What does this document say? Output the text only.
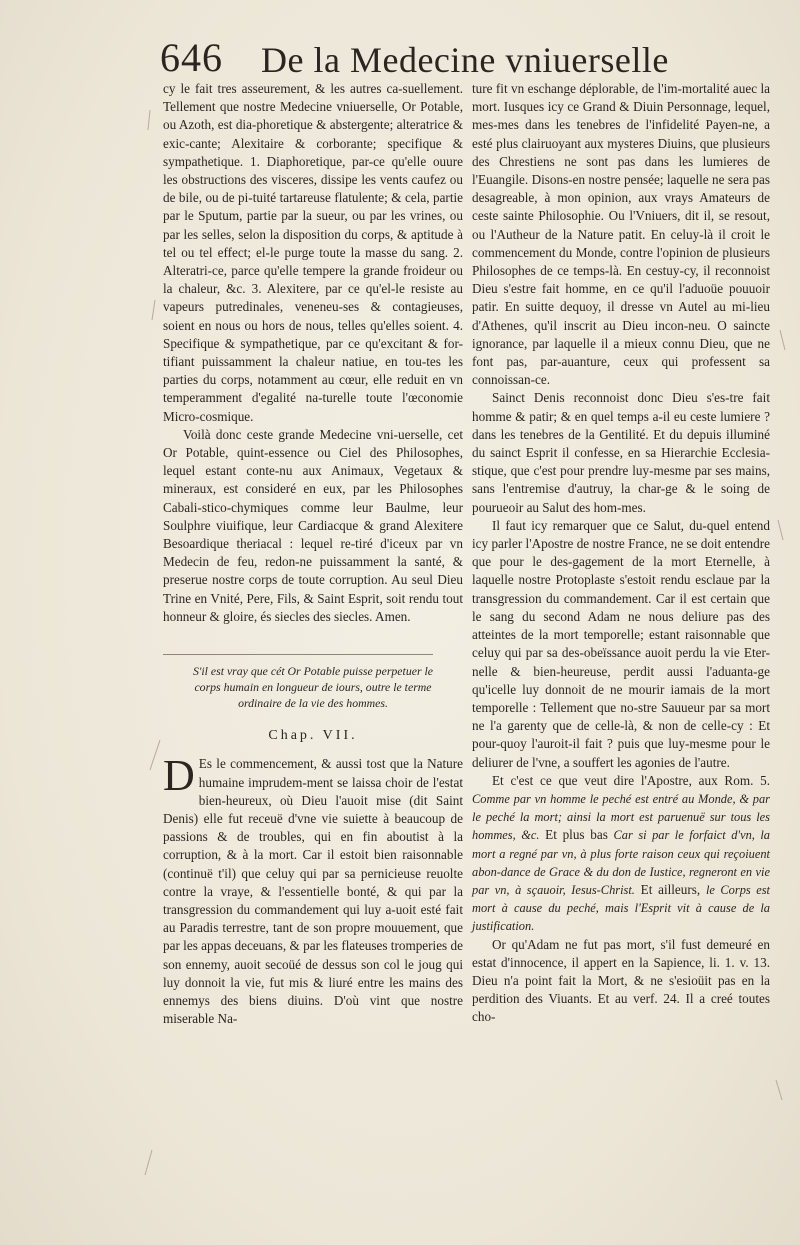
646 De la Medecine vniuerselle

cy le fait tres asseurement, & les autres ca-suellement. Tellement que nostre Medecine vniuerselle, Or Potable, ou Azoth, est dia-phoretique & abstergente; alteratrice & exic-cante; Alexitaire & corborante; specifique & sympathetique. 1. Diaphoretique, par-ce qu'elle ouure les obstructions des visceres, dissipe les vents caufez ou de bile, ou de pi-tuité tartareuse flatulente; & cela, partie par le Sputum, partie par la sueur, ou par les vrines, ou par les selles, selon la disposition du corps, & aptitude à tel ou tel effect; el-le purge toute la masse du sang. 2. Alteratri-ce, parce qu'elle tempere la grande froideur ou la chaleur, &c. 3. Alexitere, par ce qu'el-le resiste au vapeurs putredinales, veneneu-ses & contagieuses, soient en nous ou hors de nous, telles qu'elles soient. 4. Specifique & sympathetique, par ce qu'excitant & for-tifiant puissamment la chaleur natiue, en tou-tes les parties du corps, notamment au cœur, elle reduit en vn temperamment d'egalité na-turelle toute l'œconomie Micro-cosmique.

Voilà donc ceste grande Medecine vni-uerselle, cet Or Potable, quint-essence ou Ciel des Philosophes, lequel estant conte-nu aux Animaux, Vegetaux & mineraux, est consideré en eux, par les Philosophes Cabali-stico-chymiques comme leur Baulme, leur Soulphre viuifique, leur Cardiacque & grand Alexitere Besoardique theriacal : lequel re-tiré d'iceux par vn Medecin de feu, redon-ne puissamment la santé, & preserue nostre corps de toute corruption. Au seul Dieu Trine en Vnité, Pere, Fils, & Saint Esprit, soit rendu tout honneur & gloire, és siecles des siecles. Amen.

S'il est vray que cét Or Potable puisse perpetuer le corps humain en longueur de iours, outre le terme ordinaire de la vie des hommes.
Chap. VII.
D Es le commencement, & aussi tost que la Nature humaine imprudem-ment se laissa choir de l'estat bien-heureux, où Dieu l'auoit mise (dit Saint Denis) elle fut receuë d'vne vie suiette à beaucoup de passions & de troubles, qui en fin aboutist à la corruption, & à la mort. Car il estoit bien raisonnable (continuë t'il) que celuy qui par sa pernicieuse reuolte contre la vraye, & l'essentielle bonté, & qui par la transgression du commandement qui luy a-uoit esté fait au Paradis terrestre, tant de son propre mouuement, que par les appas deceuans, & par les flateuses tromperies de son ennemy, auoit secoüé de dessus son col le joug qui luy donnoit la vie, fut mis & liuré entre les mains des ennemys des biens diuins. D'où vint que nostre miserable Na-

ture fit vn eschange déplorable, de l'im-mortalité auec la mort. Iusques icy ce Grand & Diuin Personnage, lequel, mes-mes dans les tenebres de l'infidelité Payen-ne, a esté plus clairuoyant aux mysteres Diuins, que plusieurs des Chrestiens ne sont pas dans les lumieres de l'Euangile. Disons-en nostre pensée; laquelle ne sera pas desagreable, à mon opinion, aux vrays Amateurs de ceste sainte Philosophie. Ou l'Vniuers, dit il, se resout, ou l'Autheur de la Nature patit. En celuy-là il croit le commencement du Monde, contre l'opinion de plusieurs Philosophes de ce temps-là. En cestuy-cy, il reconnoist Dieu s'estre fait homme, en ce qu'il l'aduoüe pouuoir patir. En suitte dequoy, il dresse vn Autel au mi-lieu d'Athenes, qu'il inscrit au Dieu incon-neu. O saincte ignorance, par laquelle il a mieux connu Dieu, que ne font pas, par-auanture, ceux qui professent sa connoissan-ce.

Sainct Denis reconnoist donc Dieu s'es-tre fait homme & patir; & en quel temps a-il eu ceste lumiere ? dans les tenebres de la Gentilité. Et du depuis illuminé du sainct Esprit il confesse, en sa Hierarchie Ecclesia-stique, que c'est pour prendre luy-mesme par ses mains, sans l'entremise d'autruy, la char-ge & le soing de pourueoir au Salut des hom-mes.

Il faut icy remarquer que ce Salut, du-quel entend icy parler l'Apostre de nostre France, ne se doit entendre que pour le des-gagement de la mort Eternelle, à laquelle nostre Protoplaste s'estoit rendu esclaue par la transgression du commandement. Car il est certain que le sang du second Adam ne nous deliure pas des atteintes de la mort temporelle; estant raisonnable que celuy qui par sa des-obeïssance auoit perdu la vie Eter-nelle & bien-heureuse, perdit aussi l'aduanta-ge qu'icelle luy donnoit de ne mourir iamais de la mort temporelle : Tellement que no-stre Sauueur par sa mort ne l'a garenty que de celle-là, & non de celle-cy : Et pour-quoy l'auroit-il fait ? puis que luy-mesme pour le deliurer de l'vne, a souffert les agonies de l'autre.

Et c'est ce que veut dire l'Apostre, aux Rom. 5. Comme par vn homme le peché est entré au Monde, & par le peché la mort; ainsi la mort est paruenuë sur tous les hommes, &c. Et plus bas Car si par le forfaict d'vn, la mort a regné par vn, à plus forte raison ceux qui reçoiuent abon-dance de Grace & du don de Iustice, regneront en vie par vn, à sçauoir, Iesus-Christ. Et ailleurs, le Corps est mort à cause du peché, mais l'Esprit vit à cause de la justification.

Or qu'Adam ne fut pas mort, s'il fust demeuré en estat d'innocence, il appert en la Sapience, li. 1. v. 13. Dieu n'a point fait la Mort, & ne s'esioüit pas en la perdition des Viuants. Et au verf. 24. Il a creé toutes cho-
